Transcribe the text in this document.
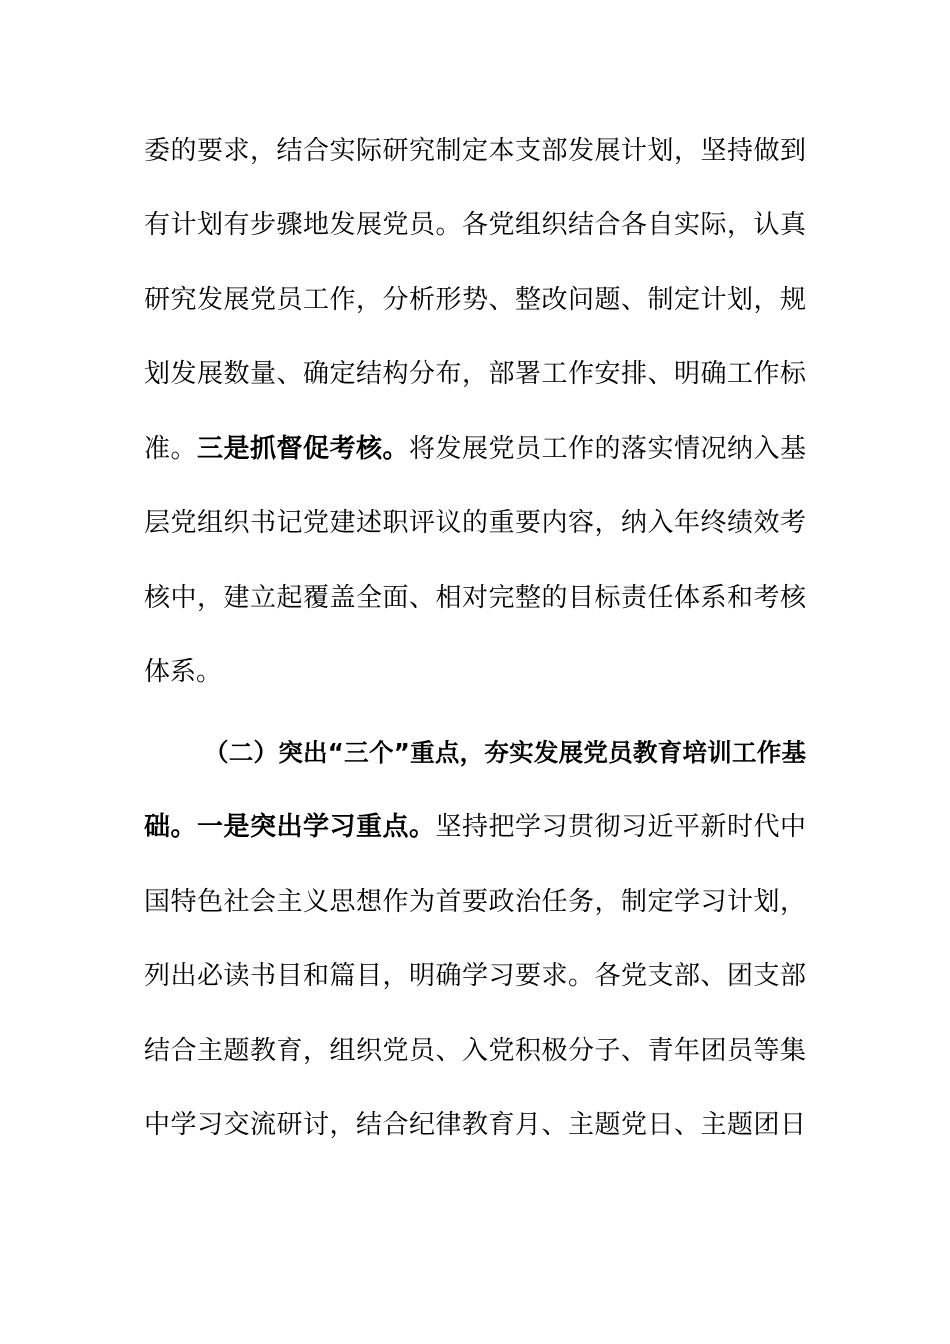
委的要求，结合实际研究制定本支部发展计划，坚持做到
有计划有步骤地发展党员。各党组织结合各自实际，认真
研究发展党员工作，分析形势、整改问题、制定计划，规
划发展数量、确定结构分布，部署工作安排、明确工作标
准。三是抓督促考核。将发展党员工作的落实情况纳入基
层党组织书记党建述职评议的重要内容，纳入年终绩效考
核中，建立起覆盖全面、相对完整的目标责任体系和考核
体系。
（二）突出“三个”重点，夯实发展党员教育培训工作基
础。一是突出学习重点。坚持把学习贯彻习近平新时代中
国特色社会主义思想作为首要政治任务，制定学习计划，
列出必读书目和篇目，明确学习要求。各党支部、团支部
结合主题教育，组织党员、入党积极分子、青年团员等集
中学习交流研讨，结合纪律教育月、主题党日、主题团日
